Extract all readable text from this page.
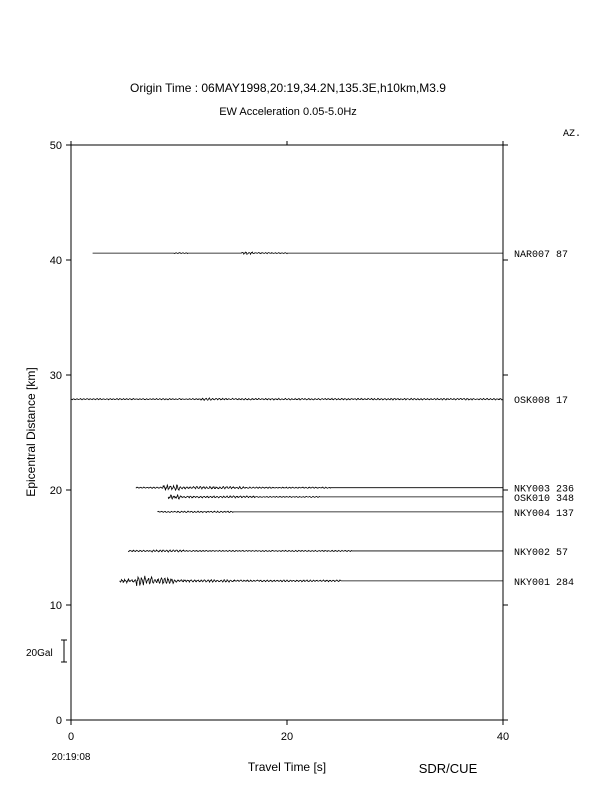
Origin Time : 06MAY1998,20:19,34.2N,135.3E,h10km,M3.9
EW Acceleration 0.05-5.0Hz
AZ.
0
10
20
30
40
50
0	20	40
NAR007 87
OSK008 17
NKY003 236
OSK010 348
NKY004 137
NKY002 57
NKY001 284
20:19:08
Travel Time [s]
Epicentral Distance [km]
SDR/CUE
20Gal
